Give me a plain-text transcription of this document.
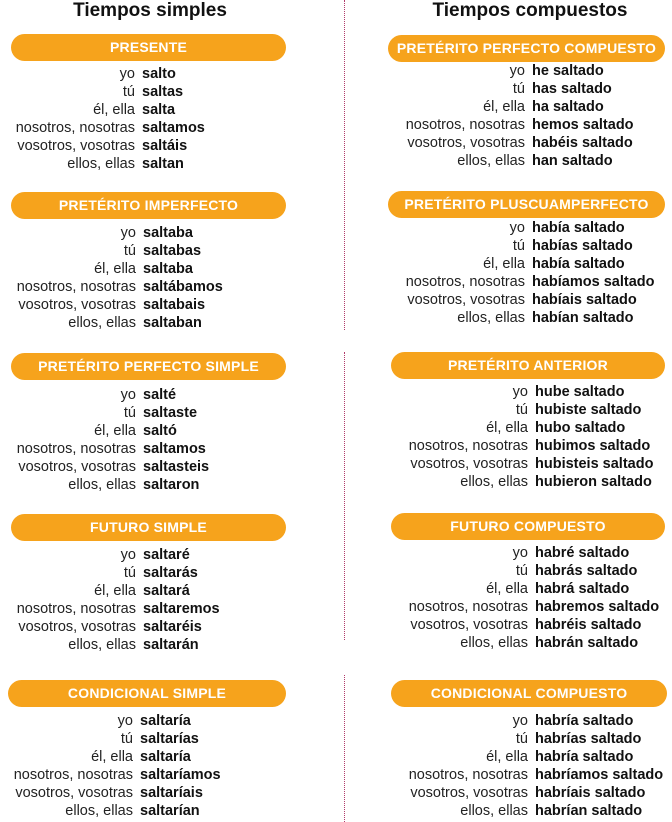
Tiempos simples	Tiempos compuestos
PRESENTE
yo salto
tú saltas
él, ella salta
nosotros, nosotras saltamos
vosotros, vosotras saltáis
ellos, ellas saltan
PRETÉRITO IMPERFECTO
yo saltaba
tú saltabas
él, ella saltaba
nosotros, nosotras saltábamos
vosotros, vosotras saltabais
ellos, ellas saltaban
PRETÉRITO PERFECTO SIMPLE
yo salté
tú saltaste
él, ella saltó
nosotros, nosotras saltamos
vosotros, vosotras saltasteis
ellos, ellas saltaron
FUTURO SIMPLE
yo saltaré
tú saltarás
él, ella saltará
nosotros, nosotras saltaremos
vosotros, vosotras saltaréis
ellos, ellas saltarán
CONDICIONAL SIMPLE
yo saltaría
tú saltarías
él, ella saltaría
nosotros, nosotras saltaríamos
vosotros, vosotras saltaríais
ellos, ellas saltarían
PRETÉRITO PERFECTO COMPUESTO
yo he saltado
tú has saltado
él, ella ha saltado
nosotros, nosotras hemos saltado
vosotros, vosotras habéis saltado
ellos, ellas han saltado
PRETÉRITO PLUSCUAMPERFECTO
yo había saltado
tú habías saltado
él, ella había saltado
nosotros, nosotras habíamos saltado
vosotros, vosotras habíais saltado
ellos, ellas habían saltado
PRETÉRITO ANTERIOR
yo hube saltado
tú hubiste saltado
él, ella hubo saltado
nosotros, nosotras hubimos saltado
vosotros, vosotras hubisteis saltado
ellos, ellas hubieron saltado
FUTURO COMPUESTO
yo habré saltado
tú habrás saltado
él, ella habrá saltado
nosotros, nosotras habremos saltado
vosotros, vosotras habréis saltado
ellos, ellas habrán saltado
CONDICIONAL COMPUESTO
yo habría saltado
tú habrías saltado
él, ella habría saltado
nosotros, nosotras habríamos saltado
vosotros, vosotras habríais saltado
ellos, ellas habrían saltado
